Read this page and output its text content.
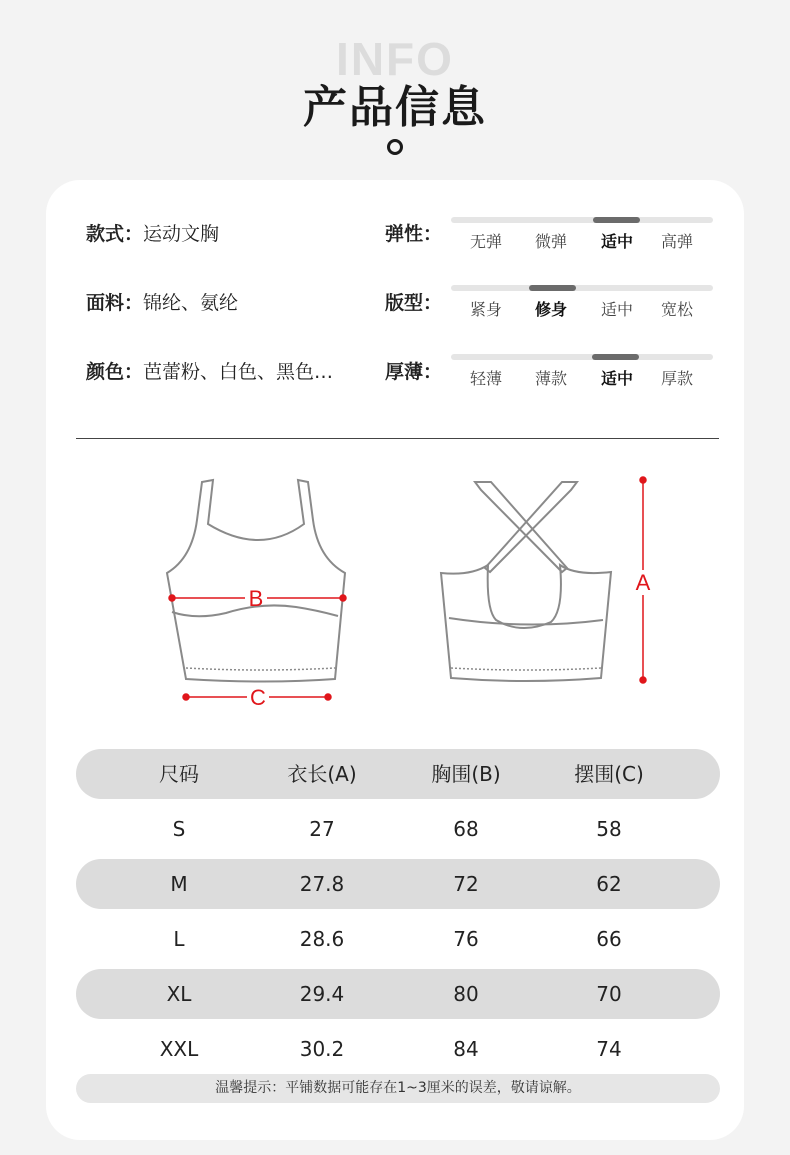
INFO
产品信息
款式：运动文胸
面料：锦纶、氨纶
颜色：芭蕾粉、白色、黑色…
弹性：	无弹	微弹	适中	高弹
版型：	紧身	修身	适中	宽松
厚薄：	轻薄	薄款	适中	厚款
B
C
A
尺码	衣长(A)	胸围(B)	摆围(C)
S	27	68	58
M	27.8	72	62
L	28.6	76	66
XL	29.4	80	70
XXL	30.2	84	74
温馨提示：平铺数据可能存在1~3厘米的误差，敬请谅解。
